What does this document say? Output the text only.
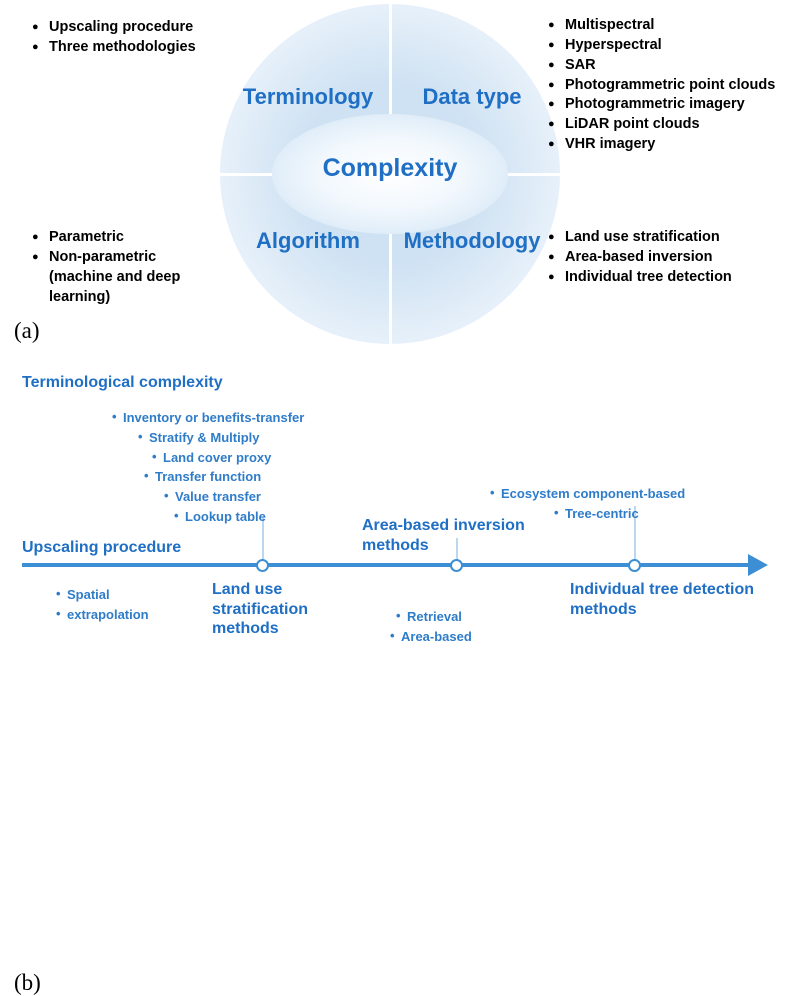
Terminology	Data type
Algorithm	Methodology
Complexity
● Upscaling procedure
● Three methodologies
● Multispectral
● Hyperspectral
● SAR
● Photogrammetric point clouds
● Photogrammetric imagery
● LiDAR point clouds
● VHR imagery
● Parametric
● Non-parametric (machine and deep learning)
● Land use stratification
● Area-based inversion
● Individual tree detection
(a)
Terminological complexity
Upscaling procedure
• Spatial
• extrapolation
Land use stratification methods
• Inventory or benefits-transfer
• Stratify & Multiply
• Land cover proxy
• Transfer function
• Value transfer
• Lookup table
Area-based inversion methods
• Retrieval
• Area-based
Individual tree detection methods
• Ecosystem component-based
• Tree-centric
(b)
